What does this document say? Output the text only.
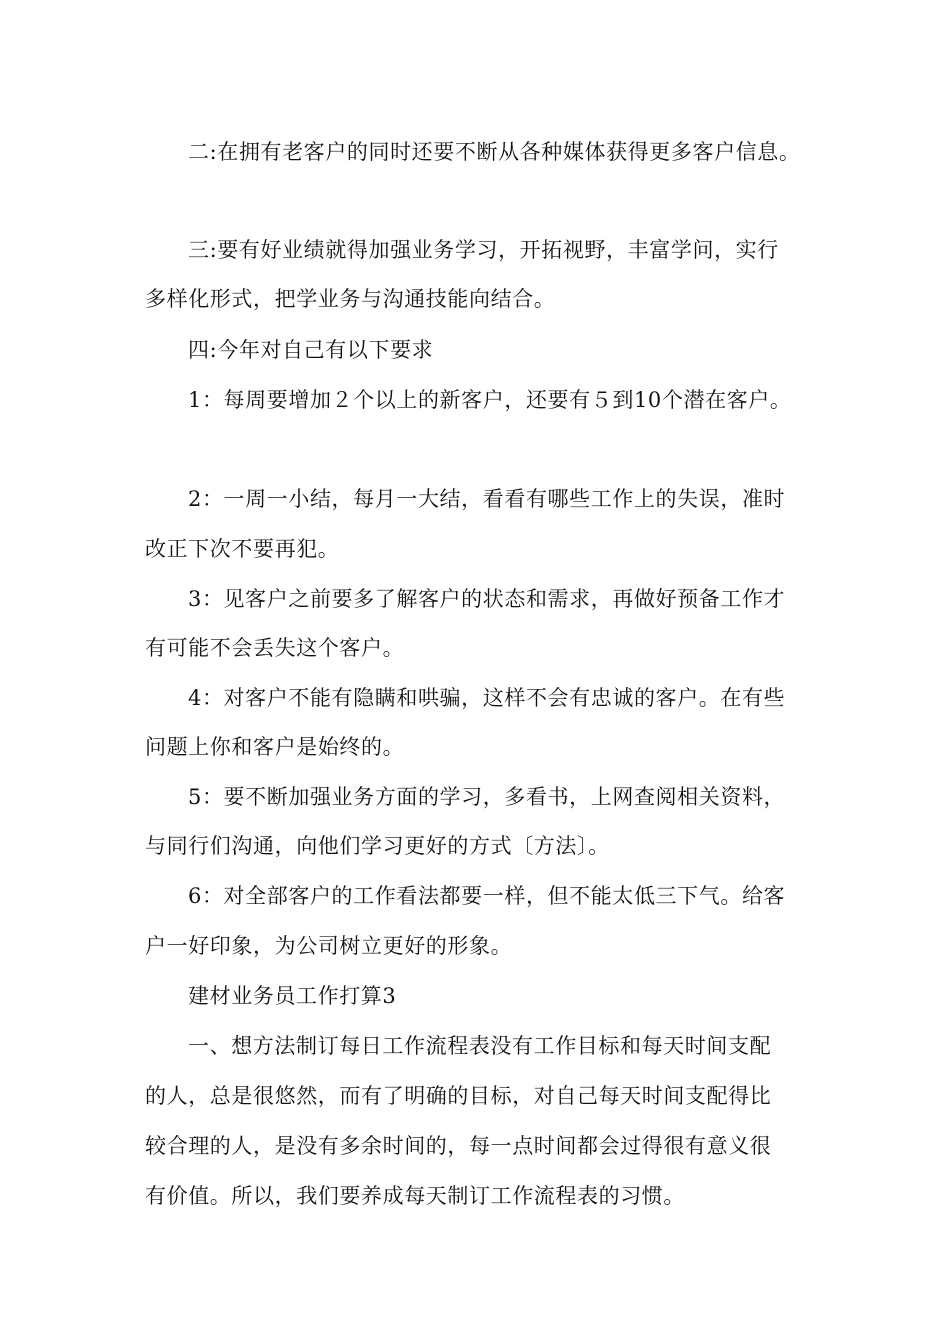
二:在拥有老客户的同时还要不断从各种媒体获得更多客户信息。
三:要有好业绩就得加强业务学习，开拓视野，丰富学问，实行
多样化形式，把学业务与沟通技能向结合。
四:今年对自己有以下要求
1：每周要增加２个以上的新客户，还要有５到10个潜在客户。
2：一周一小结，每月一大结，看看有哪些工作上的失误，准时
改正下次不要再犯。
3：见客户之前要多了解客户的状态和需求，再做好预备工作才
有可能不会丢失这个客户。
4：对客户不能有隐瞒和哄骗，这样不会有忠诚的客户。在有些
问题上你和客户是始终的。
5：要不断加强业务方面的学习，多看书，上网查阅相关资料，
与同行们沟通，向他们学习更好的方式〔方法〕。
6：对全部客户的工作看法都要一样，但不能太低三下气。给客
户一好印象，为公司树立更好的形象。
建材业务员工作打算3
一、想方法制订每日工作流程表没有工作目标和每天时间支配
的人，总是很悠然，而有了明确的目标，对自己每天时间支配得比
较合理的人，是没有多余时间的，每一点时间都会过得很有意义很
有价值。所以，我们要养成每天制订工作流程表的习惯。
